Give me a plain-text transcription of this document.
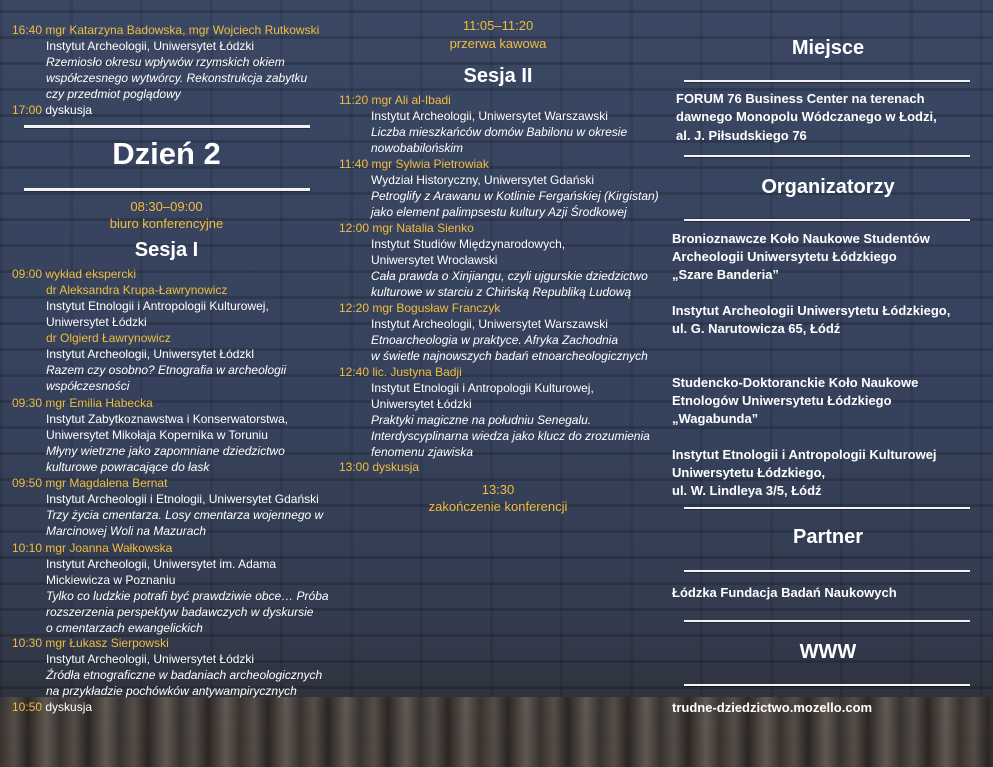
16:40 mgr Katarzyna Badowska, mgr Wojciech Rutkowski
Instytut Archeologii, Uniwersytet Łódzki
Rzemiosło okresu wpływów rzymskich okiem
współczesnego wytwórcy. Rekonstrukcja zabytku
czy przedmiot poglądowy
17:00 dyskusja
Dzień 2
08:30–09:00
biuro konferencyjne
Sesja I
09:00 wykład ekspercki
dr Aleksandra Krupa-Ławrynowicz
Instytut Etnologii i Antropologii Kulturowej,
Uniwersytet Łódzki
dr Olgierd Ławrynowicz
Instytut Archeologii, Uniwersytet Łódzkl
Razem czy osobno? Etnografia w archeologii
współczesności
09:30 mgr Emilia Habecka
Instytut Zabytkoznawstwa i Konserwatorstwa,
Uniwersytet Mikołaja Kopernika w Toruniu
Młyny wietrzne jako zapomniane dziedzictwo
kulturowe powracające do łask
09:50 mgr Magdalena Bernat
Instytut Archeologii i Etnologii, Uniwersytet Gdański
Trzy życia cmentarza. Losy cmentarza wojennego w
Marcinowej Woli na Mazurach
10:10 mgr Joanna Wałkowska
Instytut Archeologii, Uniwersytet im. Adama
Mickiewicza w Poznaniu
Tylko co ludzkie potrafi być prawdziwie obce… Próba
rozszerzenia perspektyw badawczych w dyskursie
o cmentarzach ewangelickich
10:30 mgr Łukasz Sierpowski
Instytut Archeologii, Uniwersytet Łódzki
Źródła etnograficzne w badaniach archeologicznych
na przykładzie pochówków antywampirycznych
10:50 dyskusja
11:05–11:20
przerwa kawowa
Sesja II
11:20 mgr Ali al-Ibadi
Instytut Archeologii, Uniwersytet Warszawski
Liczba mieszkańców domów Babilonu w okresie
nowobabilońskim
11:40 mgr Sylwia Pietrowiak
Wydział Historyczny, Uniwersytet Gdański
Petroglify z Arawanu w Kotlinie Fergańskiej (Kirgistan)
jako element palimpsestu kultury Azji Środkowej
12:00 mgr Natalia Sienko
Instytut Studiów Międzynarodowych,
Uniwersytet Wrocławski
Cała prawda o Xinjiangu, czyli ujgurskie dziedzictwo
kulturowe w starciu z Chińską Republiką Ludową
12:20 mgr Bogusław Franczyk
Instytut Archeologii, Uniwersytet Warszawski
Etnoarcheologia w praktyce. Afryka Zachodnia
w świetle najnowszych badań etnoarcheologicznych
12:40 lic. Justyna Badji
Instytut Etnologii i Antropologii Kulturowej,
Uniwersytet Łódzki
Praktyki magiczne na południu Senegalu.
Interdyscyplinarna wiedza jako klucz do zrozumienia
fenomenu zjawiska
13:00 dyskusja
13:30
zakończenie konferencji
Miejsce
FORUM 76 Business Center na terenach
dawnego Monopolu Wódczanego w Łodzi,
al. J. Piłsudskiego 76
Organizatorzy
Bronioznawcze Koło Naukowe Studentów
Archeologii Uniwersytetu Łódzkiego
„Szare Banderia”
Instytut Archeologii Uniwersytetu Łódzkiego,
ul. G. Narutowicza 65, Łódź
Studencko-Doktoranckie Koło Naukowe
Etnologów Uniwersytetu Łódzkiego
„Wagabunda”
Instytut Etnologii i Antropologii Kulturowej
Uniwersytetu Łódzkiego,
ul. W. Lindleya 3/5, Łódź
Partner
Łódzka Fundacja Badań Naukowych
WWW
trudne-dziedzictwo.mozello.com
